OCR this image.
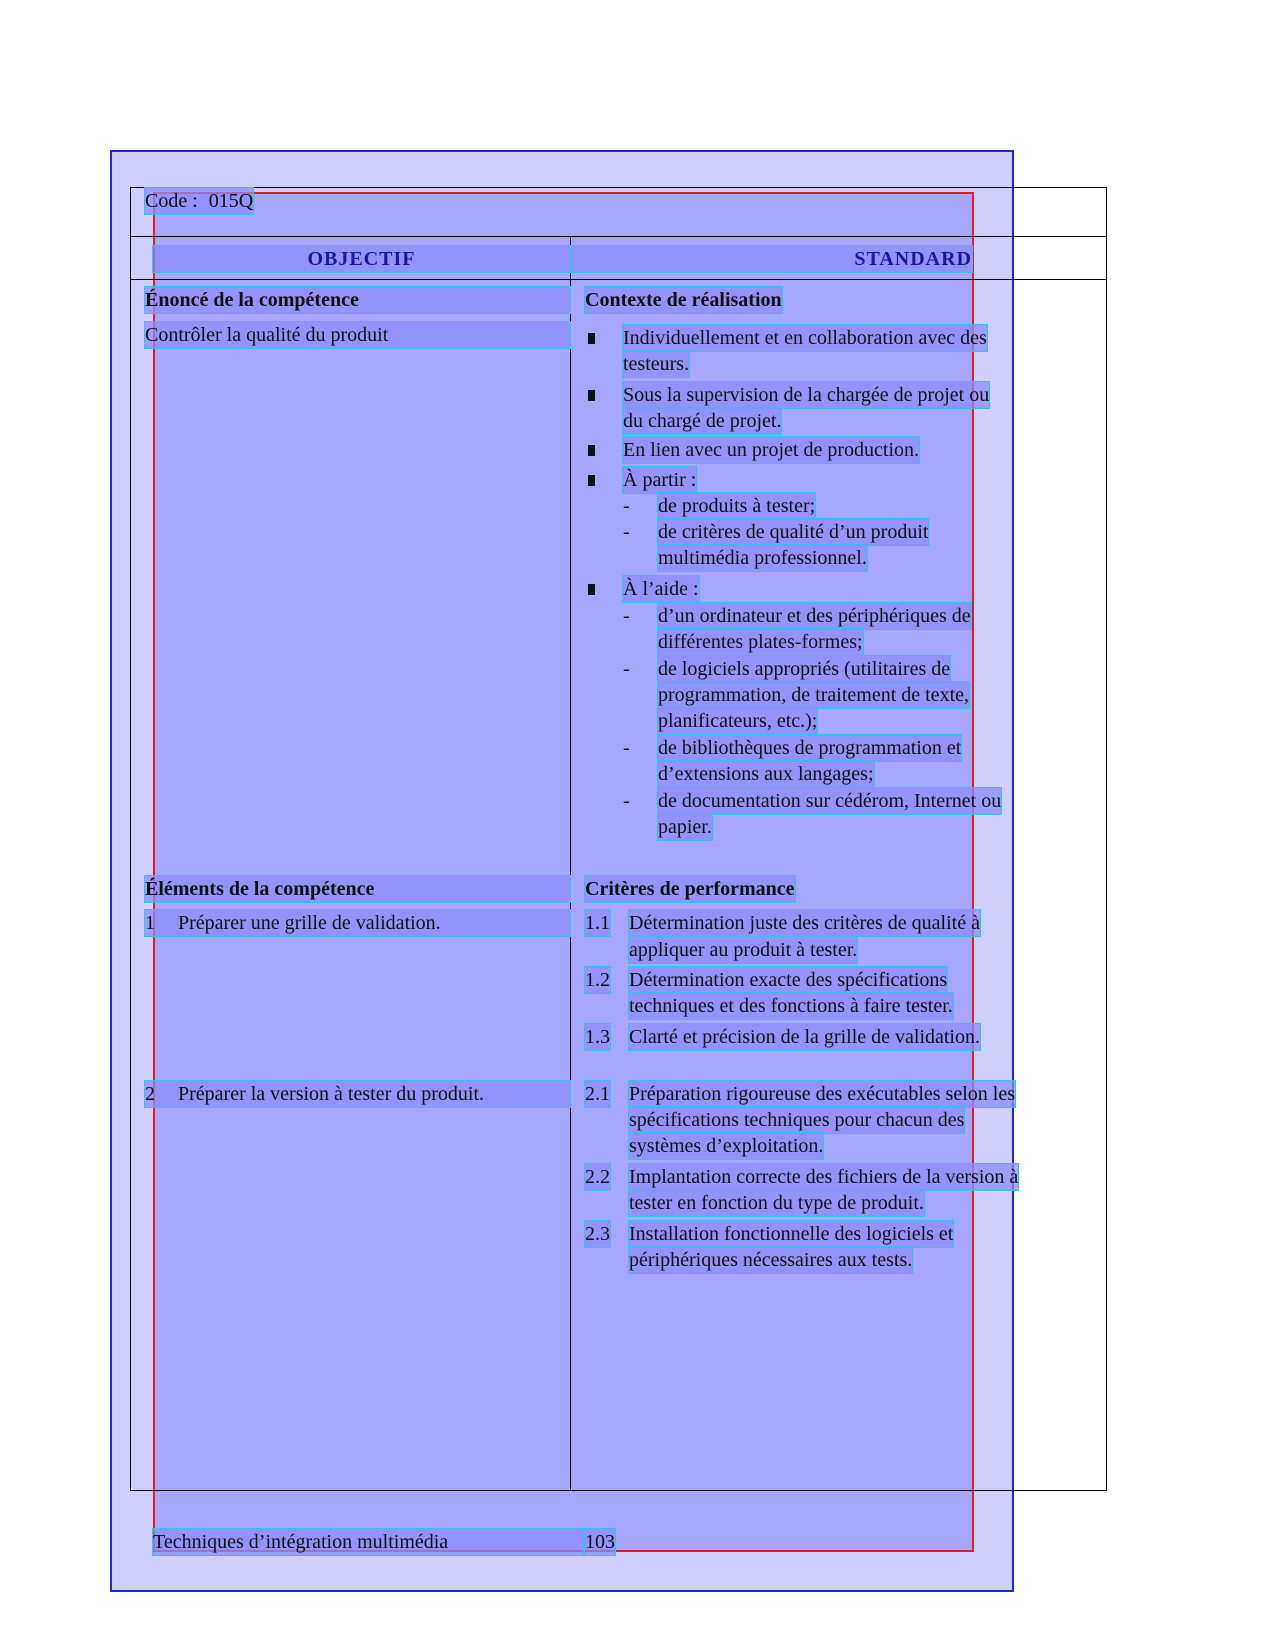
Code : 015Q
OBJECTIF	STANDARD
Énoncé de la compétence	Contexte de réalisation
Contrôler la qualité du produit	Individuellement et en collaboration avec des
testeurs.
Sous la supervision de la chargée de projet ou
du chargé de projet.
En lien avec un projet de production.
À partir :
- de produits à tester;
- de critères de qualité d’un produit
multimédia professionnel.
À l’aide :
- d’un ordinateur et des périphériques de
différentes plates-formes;
- de logiciels appropriés (utilitaires de
programmation, de traitement de texte,
planificateurs, etc.);
- de bibliothèques de programmation et
d’extensions aux langages;
- de documentation sur cédérom, Internet ou
papier.
Éléments de la compétence	Critères de performance
1 Préparer une grille de validation.	1.1 Détermination juste des critères de qualité à
appliquer au produit à tester.
1.2 Détermination exacte des spécifications
techniques et des fonctions à faire tester.
1.3 Clarté et précision de la grille de validation.
2 Préparer la version à tester du produit.	2.1 Préparation rigoureuse des exécutables selon les
spécifications techniques pour chacun des
systèmes d’exploitation.
2.2 Implantation correcte des fichiers de la version à
tester en fonction du type de produit.
2.3 Installation fonctionnelle des logiciels et
périphériques nécessaires aux tests.
Techniques d’intégration multimédia	103
